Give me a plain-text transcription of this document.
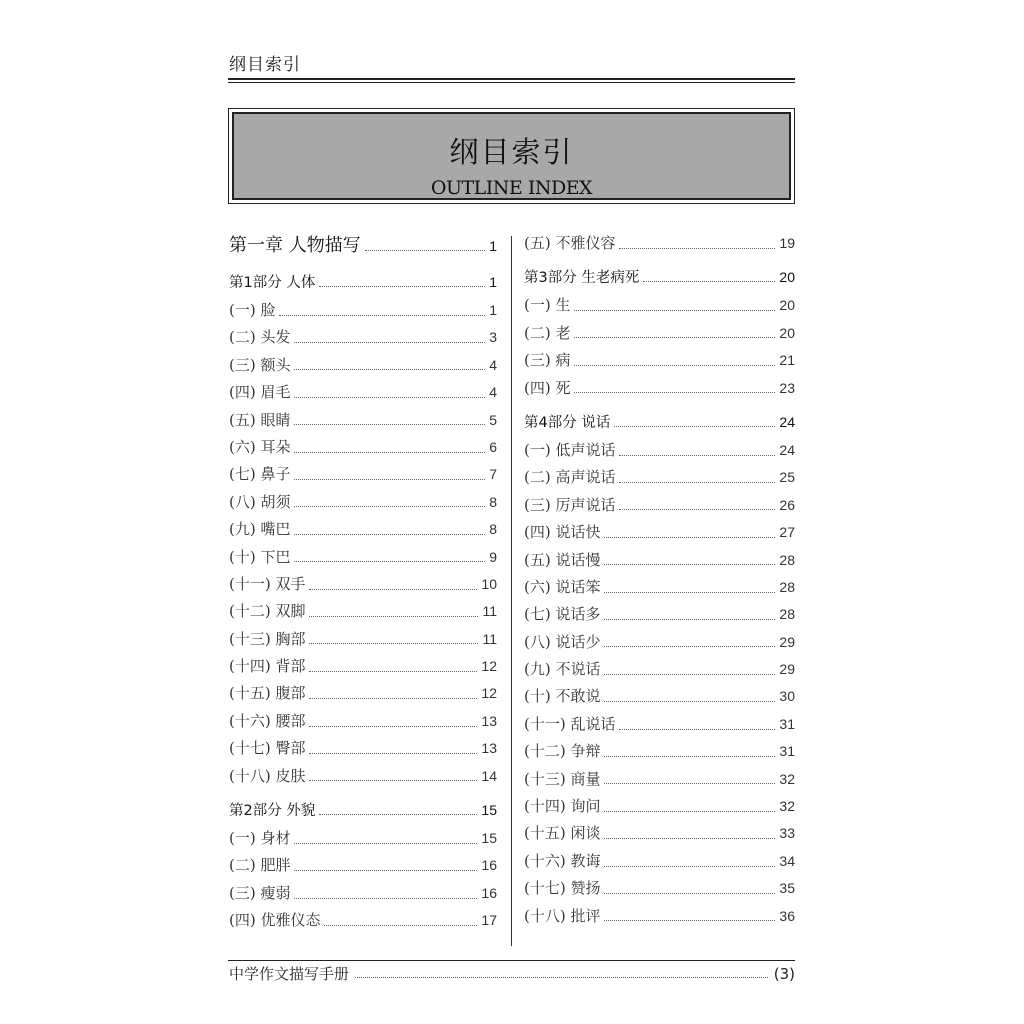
纲目索引
纲目索引
OUTLINE INDEX
第一章 人物描写	1
第1部分 人体	1
(一) 脸	1
(二) 头发	3
(三) 额头	4
(四) 眉毛	4
(五) 眼睛	5
(六) 耳朵	6
(七) 鼻子	7
(八) 胡须	8
(九) 嘴巴	8
(十) 下巴	9
(十一) 双手	10
(十二) 双脚	11
(十三) 胸部	11
(十四) 背部	12
(十五) 腹部	12
(十六) 腰部	13
(十七) 臀部	13
(十八) 皮肤	14
第2部分 外貌	15
(一) 身材	15
(二) 肥胖	16
(三) 瘦弱	16
(四) 优雅仪态	17
(五) 不雅仪容	19
第3部分 生老病死	20
(一) 生	20
(二) 老	20
(三) 病	21
(四) 死	23
第4部分 说话	24
(一) 低声说话	24
(二) 高声说话	25
(三) 厉声说话	26
(四) 说话快	27
(五) 说话慢	28
(六) 说话笨	28
(七) 说话多	28
(八) 说话少	29
(九) 不说话	29
(十) 不敢说	30
(十一) 乱说话	31
(十二) 争辩	31
(十三) 商量	32
(十四) 询问	32
(十五) 闲谈	33
(十六) 教诲	34
(十七) 赞扬	35
(十八) 批评	36
中学作文描写手册	(3)
